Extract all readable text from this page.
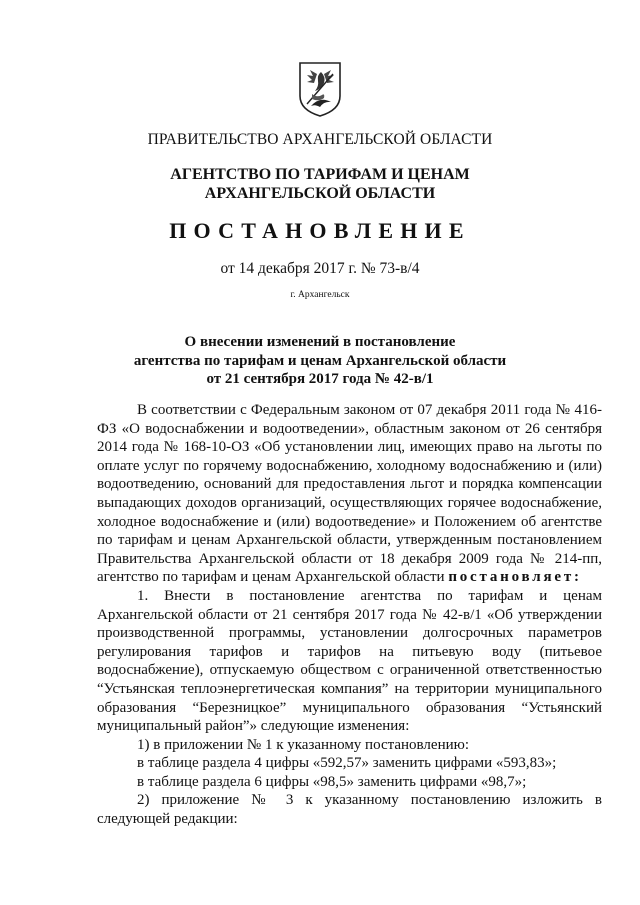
ПРАВИТЕЛЬСТВО АРХАНГЕЛЬСКОЙ ОБЛАСТИ
АГЕНТСТВО ПО ТАРИФАМ И ЦЕНАМ
АРХАНГЕЛЬСКОЙ ОБЛАСТИ
ПОСТАНОВЛЕНИЕ
от 14 декабря 2017 г. № 73-в/4
г. Архангельск
О внесении изменений в постановление
агентства по тарифам и ценам Архангельской области
от 21 сентября 2017 года № 42-в/1

В соответствии с Федеральным законом от 07 декабря 2011 года № 416-ФЗ «О водоснабжении и водоотведении», областным законом от 26 сентября 2014 года № 168-10-ОЗ «Об установлении лиц, имеющих право на льготы по оплате услуг по горячему водоснабжению, холодному водоснабжению и (или) водоотведению, оснований для предоставления льгот и порядка компенсации выпадающих доходов организаций, осуществляющих горячее водоснабжение, холодное водоснабжение и (или) водоотведение» и Положением об агентстве по тарифам и ценам Архангельской области, утвержденным постановлением Правительства Архангельской области от 18 декабря 2009 года № 214-пп, агентство по тарифам и ценам Архангельской области постановляет:

1. Внести в постановление агентства по тарифам и ценам Архангельской области от 21 сентября 2017 года № 42-в/1 «Об утверждении производственной программы, установлении долгосрочных параметров регулирования тарифов и тарифов на питьевую воду (питьевое водоснабжение), отпускаемую обществом с ограниченной ответственностью “Устьянская теплоэнергетическая компания” на территории муниципального образования “Березницкое” муниципального образования “Устьянский муниципальный район”» следующие изменения:

1) в приложении № 1 к указанному постановлению:

в таблице раздела 4 цифры «592,57» заменить цифрами «593,83»;

в таблице раздела 6 цифры «98,5» заменить цифрами «98,7»;

2) приложение № 3 к указанному постановлению изложить в следующей редакции:
